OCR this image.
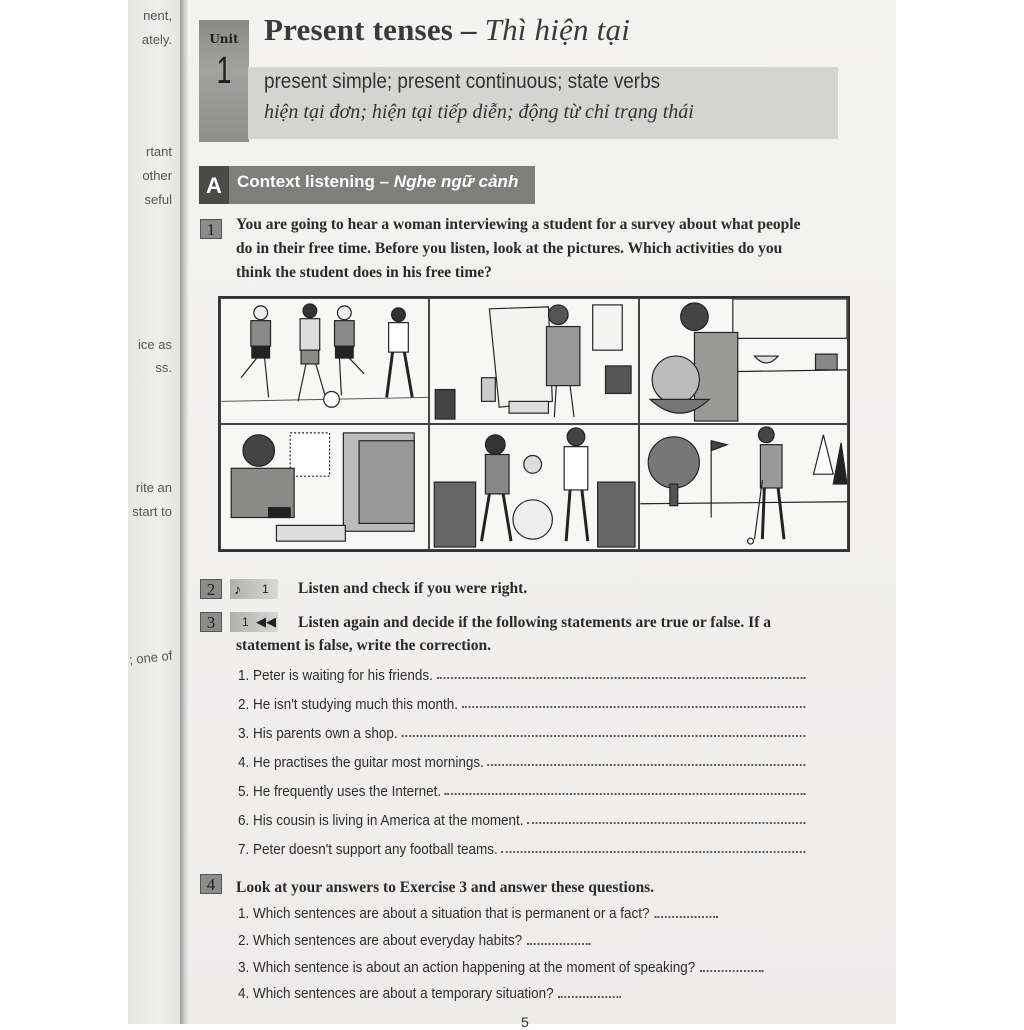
nent,
ately.
rtant
other
seful
ice as
ss.
rite an
start to
; one of
Unit
1
Present tenses – Thì hiện tại
present simple; present continuous; state verbs
hiện tại đơn; hiện tại tiếp diễn; động từ chỉ trạng thái
A Context listening – Nghe ngữ cảnh
1	You are going to hear a woman interviewing a student for a survey about what people
do in their free time. Before you listen, look at the pictures. Which activities do you
think the student does in his free time?
2	♪ 1 Listen and check if you were right.
3	1 ◀◀ Listen again and decide if the following statements are true or false. If a
statement is false, write the correction.
1.
Peter is waiting for his friends.
2.
He isn't studying much this month.
3.
His parents own a shop.
4.
He practises the guitar most mornings.
5.
He frequently uses the Internet.
6.
His cousin is living in America at the moment.
7.
Peter doesn't support any football teams.
4	Look at your answers to Exercise 3 and answer these questions.
1. Which sentences are about a situation that is permanent or a fact?
2. Which sentences are about everyday habits?
3. Which sentence is about an action happening at the moment of speaking?
4. Which sentences are about a temporary situation?
5
